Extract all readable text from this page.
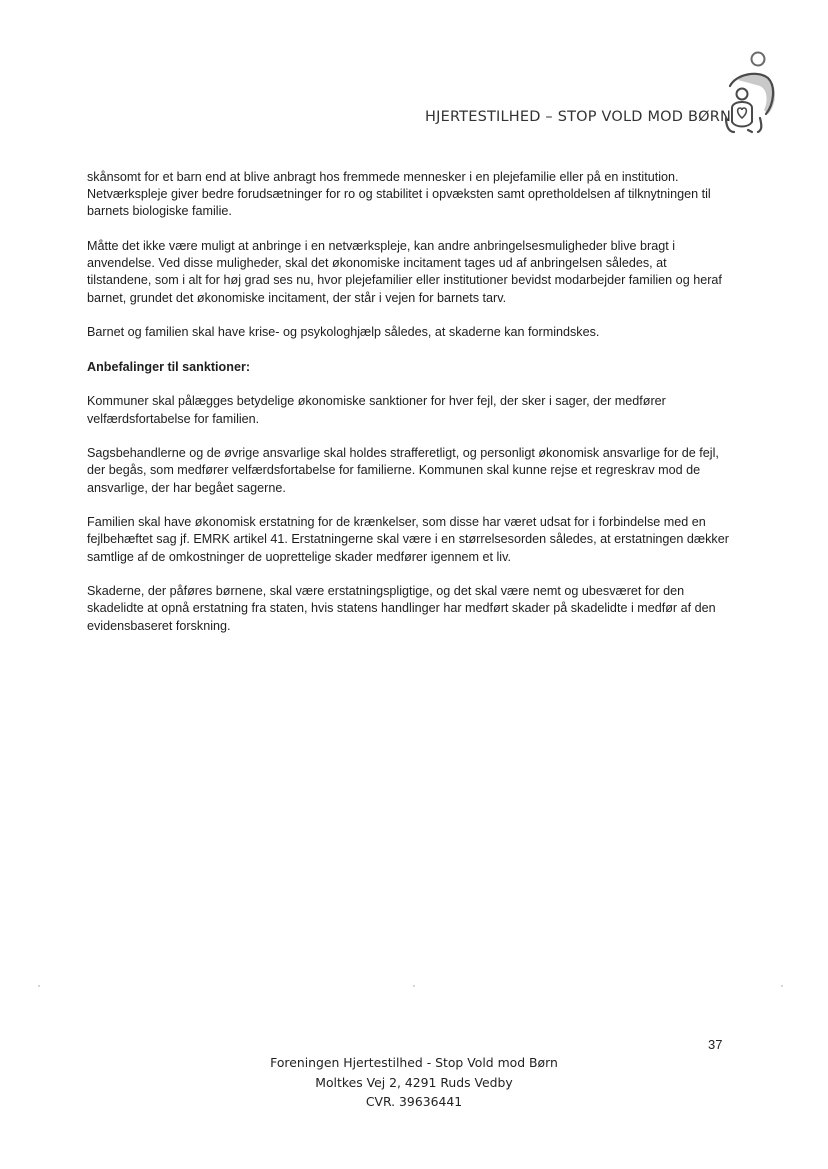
HJERTESTILHED – STOP VOLD MOD BØRN

skånsomt for et barn end at blive anbragt hos fremmede mennesker i en plejefamilie eller på en institution. Netværkspleje giver bedre forudsætninger for ro og stabilitet i opvæksten samt opretholdelsen af tilknytningen til barnets biologiske familie.

Måtte det ikke være muligt at anbringe i en netværkspleje, kan andre anbringelsesmuligheder blive bragt i anvendelse. Ved disse muligheder, skal det økonomiske incitament tages ud af anbringelsen således, at tilstandene, som i alt for høj grad ses nu, hvor plejefamilier eller institutioner bevidst modarbejder familien og heraf barnet, grundet det økonomiske incitament, der står i vejen for barnets tarv.

Barnet og familien skal have krise- og psykologhjælp således, at skaderne kan formindskes.

Anbefalinger til sanktioner:

Kommuner skal pålægges betydelige økonomiske sanktioner for hver fejl, der sker i sager, der medfører velfærdsfortabelse for familien.

Sagsbehandlerne og de øvrige ansvarlige skal holdes strafferetligt, og personligt økonomisk ansvarlige for de fejl, der begås, som medfører velfærdsfortabelse for familierne. Kommunen skal kunne rejse et regreskrav mod de ansvarlige, der har begået sagerne.

Familien skal have økonomisk erstatning for de krænkelser, som disse har været udsat for i forbindelse med en fejlbehæftet sag jf. EMRK artikel 41. Erstatningerne skal være i en størrelsesorden således, at erstatningen dækker samtlige af de omkostninger de uoprettelige skader medfører igennem et liv.

Skaderne, der påføres børnene, skal være erstatningspligtige, og det skal være nemt og ubesværet for den skadelidte at opnå erstatning fra staten, hvis statens handlinger har medført skader på skadelidte i medfør af den evidensbaseret forskning.

37
Foreningen Hjertestilhed - Stop Vold mod Børn
Moltkes Vej 2, 4291 Ruds Vedby
CVR. 39636441
